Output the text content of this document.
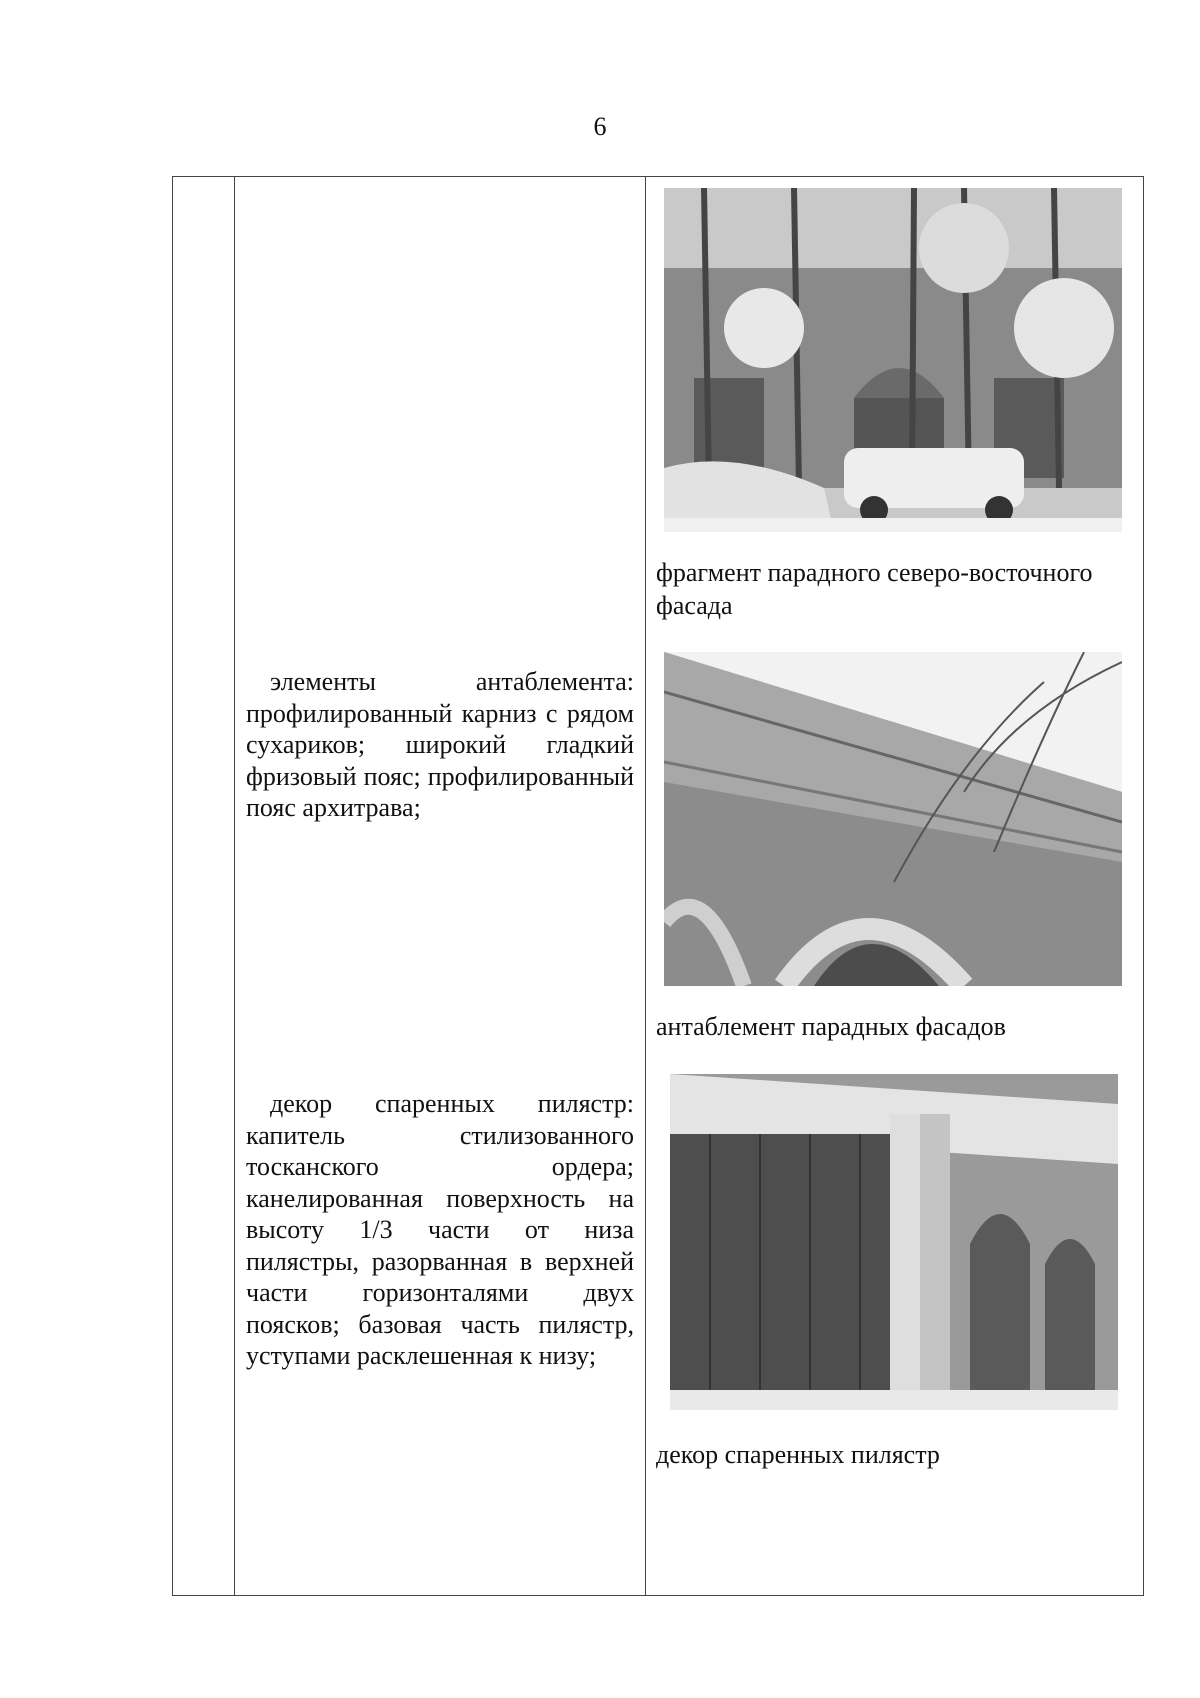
6

фрагмент парадного северо-восточного фасада

элементы антаблемента: профилированный карниз с рядом сухариков; широкий гладкий фризовый пояс; профилированный пояс архитрава;

антаблемент парадных фасадов

декор спаренных пилястр: капитель стилизованного тосканского ордера; канелированная поверхность на высоту 1/3 части от низа пилястры, разорванная в верхней части горизонталями двух поясков; базовая часть пилястр, уступами расклешенная к низу;

декор спаренных пилястр
